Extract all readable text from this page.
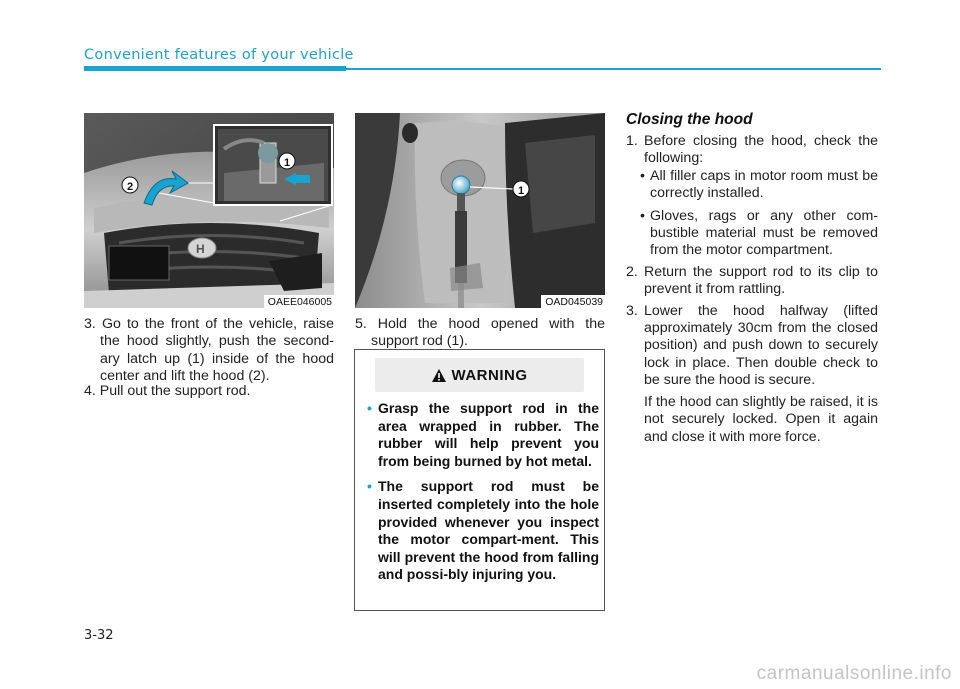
Convenient features of your vehicle
H
2
1
OAEE046005
1
OAD045039
3. Go to the front of the vehicle, raise the hood slightly, push the second-ary latch up (1) inside of the hood center and lift the hood (2).
4. Pull out the support rod.
5. Hold the hood opened with the support rod (1).
WARNING
• Grasp the support rod in the area wrapped in rubber. The rubber will help prevent you from being burned by hot metal.
• The support rod must be inserted completely into the hole provided whenever you inspect the motor compart-ment. This will prevent the hood from falling and possi-bly injuring you.
Closing the hood
1. Before closing the hood, check the following:
• All filler caps in motor room must be correctly installed.
• Gloves, rags or any other com-bustible material must be removed from the motor compartment.
2. Return the support rod to its clip to prevent it from rattling.
3. Lower the hood halfway (lifted approximately 30cm from the closed position) and push down to securely lock in place. Then double check to be sure the hood is secure.
If the hood can slightly be raised, it is not securely locked. Open it again and close it with more force.
3-32
carmanualsonline.info
